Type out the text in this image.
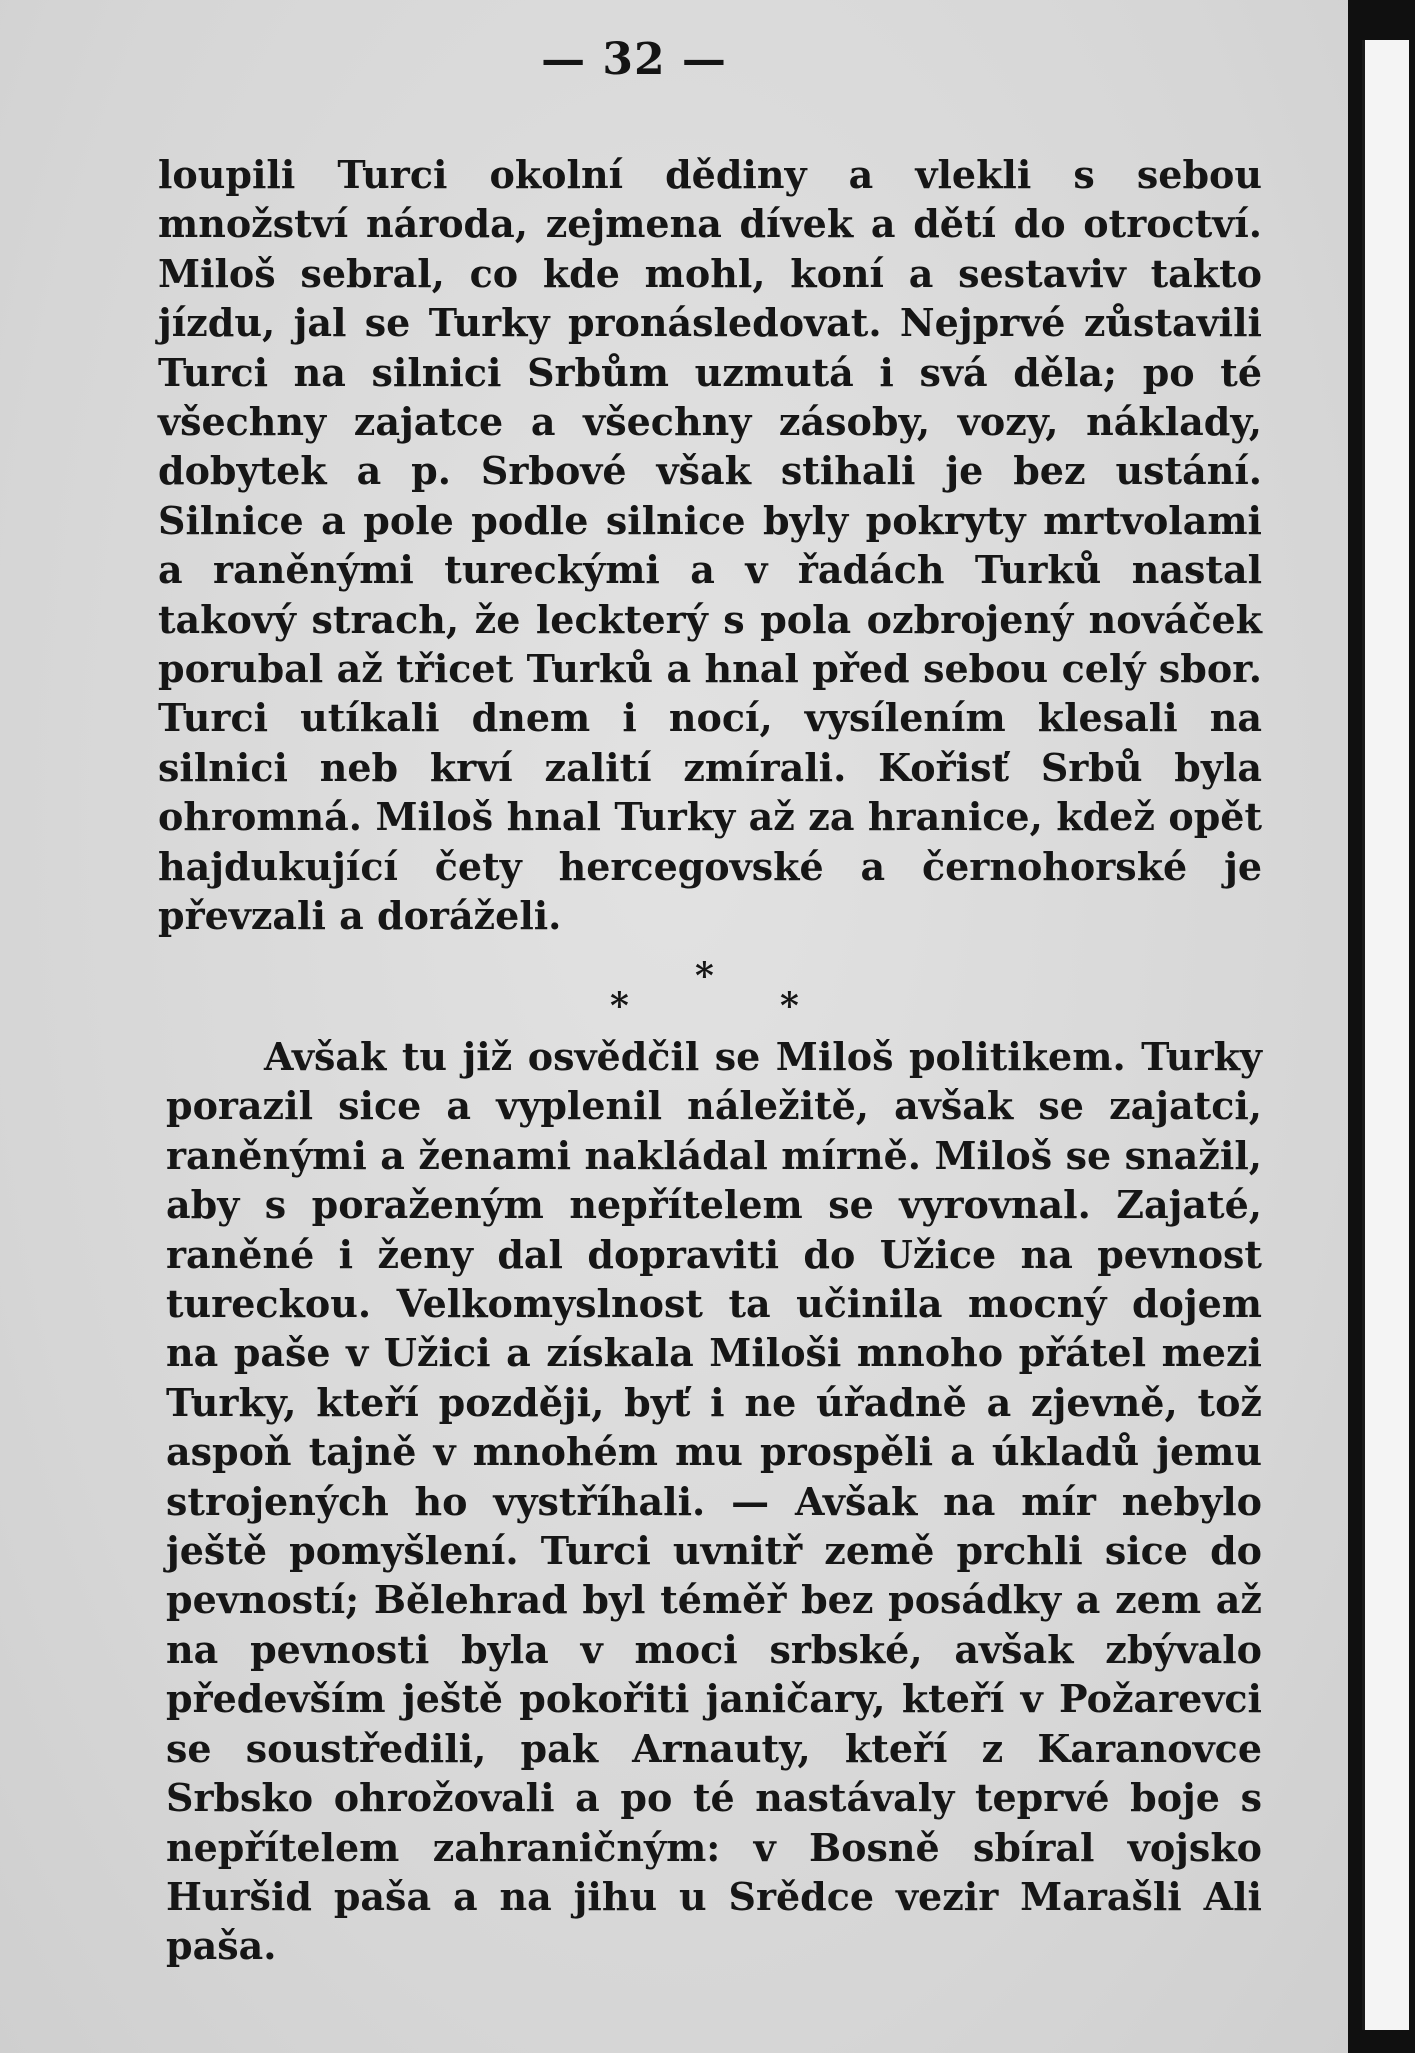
— 32 —
loupili Turci okolní dědiny a vlekli s sebou množství národa, zejmena dívek a dětí do otroctví. Miloš sebral, co kde mohl, koní a sestaviv takto jízdu, jal se Turky pronásledovat. Nejprvé zůstavili Turci na silnici Srbům uzmutá i svá děla; po té všechny zajatce a všechny zásoby, vozy, náklady, dobytek a p. Srbové však stihali je bez ustání. Silnice a pole podle silnice byly pokryty mrtvolami a raněnými tureckými a v řadách Turků nastal takový strach, že leckterý s pola ozbrojený nováček porubal až třicet Turků a hnal před sebou celý sbor. Turci utíkali dnem i nocí, vysílením klesali na silnici neb krví zalití zmírali. Kořisť Srbů byla ohromná. Miloš hnal Turky až za hranice, kdež opět hajdukující čety hercegovské a černohorské je převzali a doráželi.
*
*	*
Avšak tu již osvědčil se Miloš politikem. Turky porazil sice a vyplenil náležitě, avšak se zajatci, raněnými a ženami nakládal mírně. Miloš se snažil, aby s poraženým nepřítelem se vyrovnal. Zajaté, raněné i ženy dal dopraviti do Užice na pevnost tureckou. Velkomyslnost ta učinila mocný dojem na paše v Užici a získala Miloši mnoho přátel mezi Turky, kteří později, byť i ne úřadně a zjevně, tož aspoň tajně v mnohém mu prospěli a úkladů jemu strojených ho vystříhali. — Avšak na mír nebylo ještě pomyšlení. Turci uvnitř země prchli sice do pevností; Bělehrad byl téměř bez posádky a zem až na pevnosti byla v moci srbské, avšak zbývalo především ještě pokořiti janičary, kteří v Požarevci se soustředili, pak Arnauty, kteří z Karanovce Srbsko ohrožovali a po té nastávaly teprvé boje s nepřítelem zahraničným: v Bosně sbíral vojsko Huršid paša a na jihu u Srědce vezir Marašli Ali paša.
